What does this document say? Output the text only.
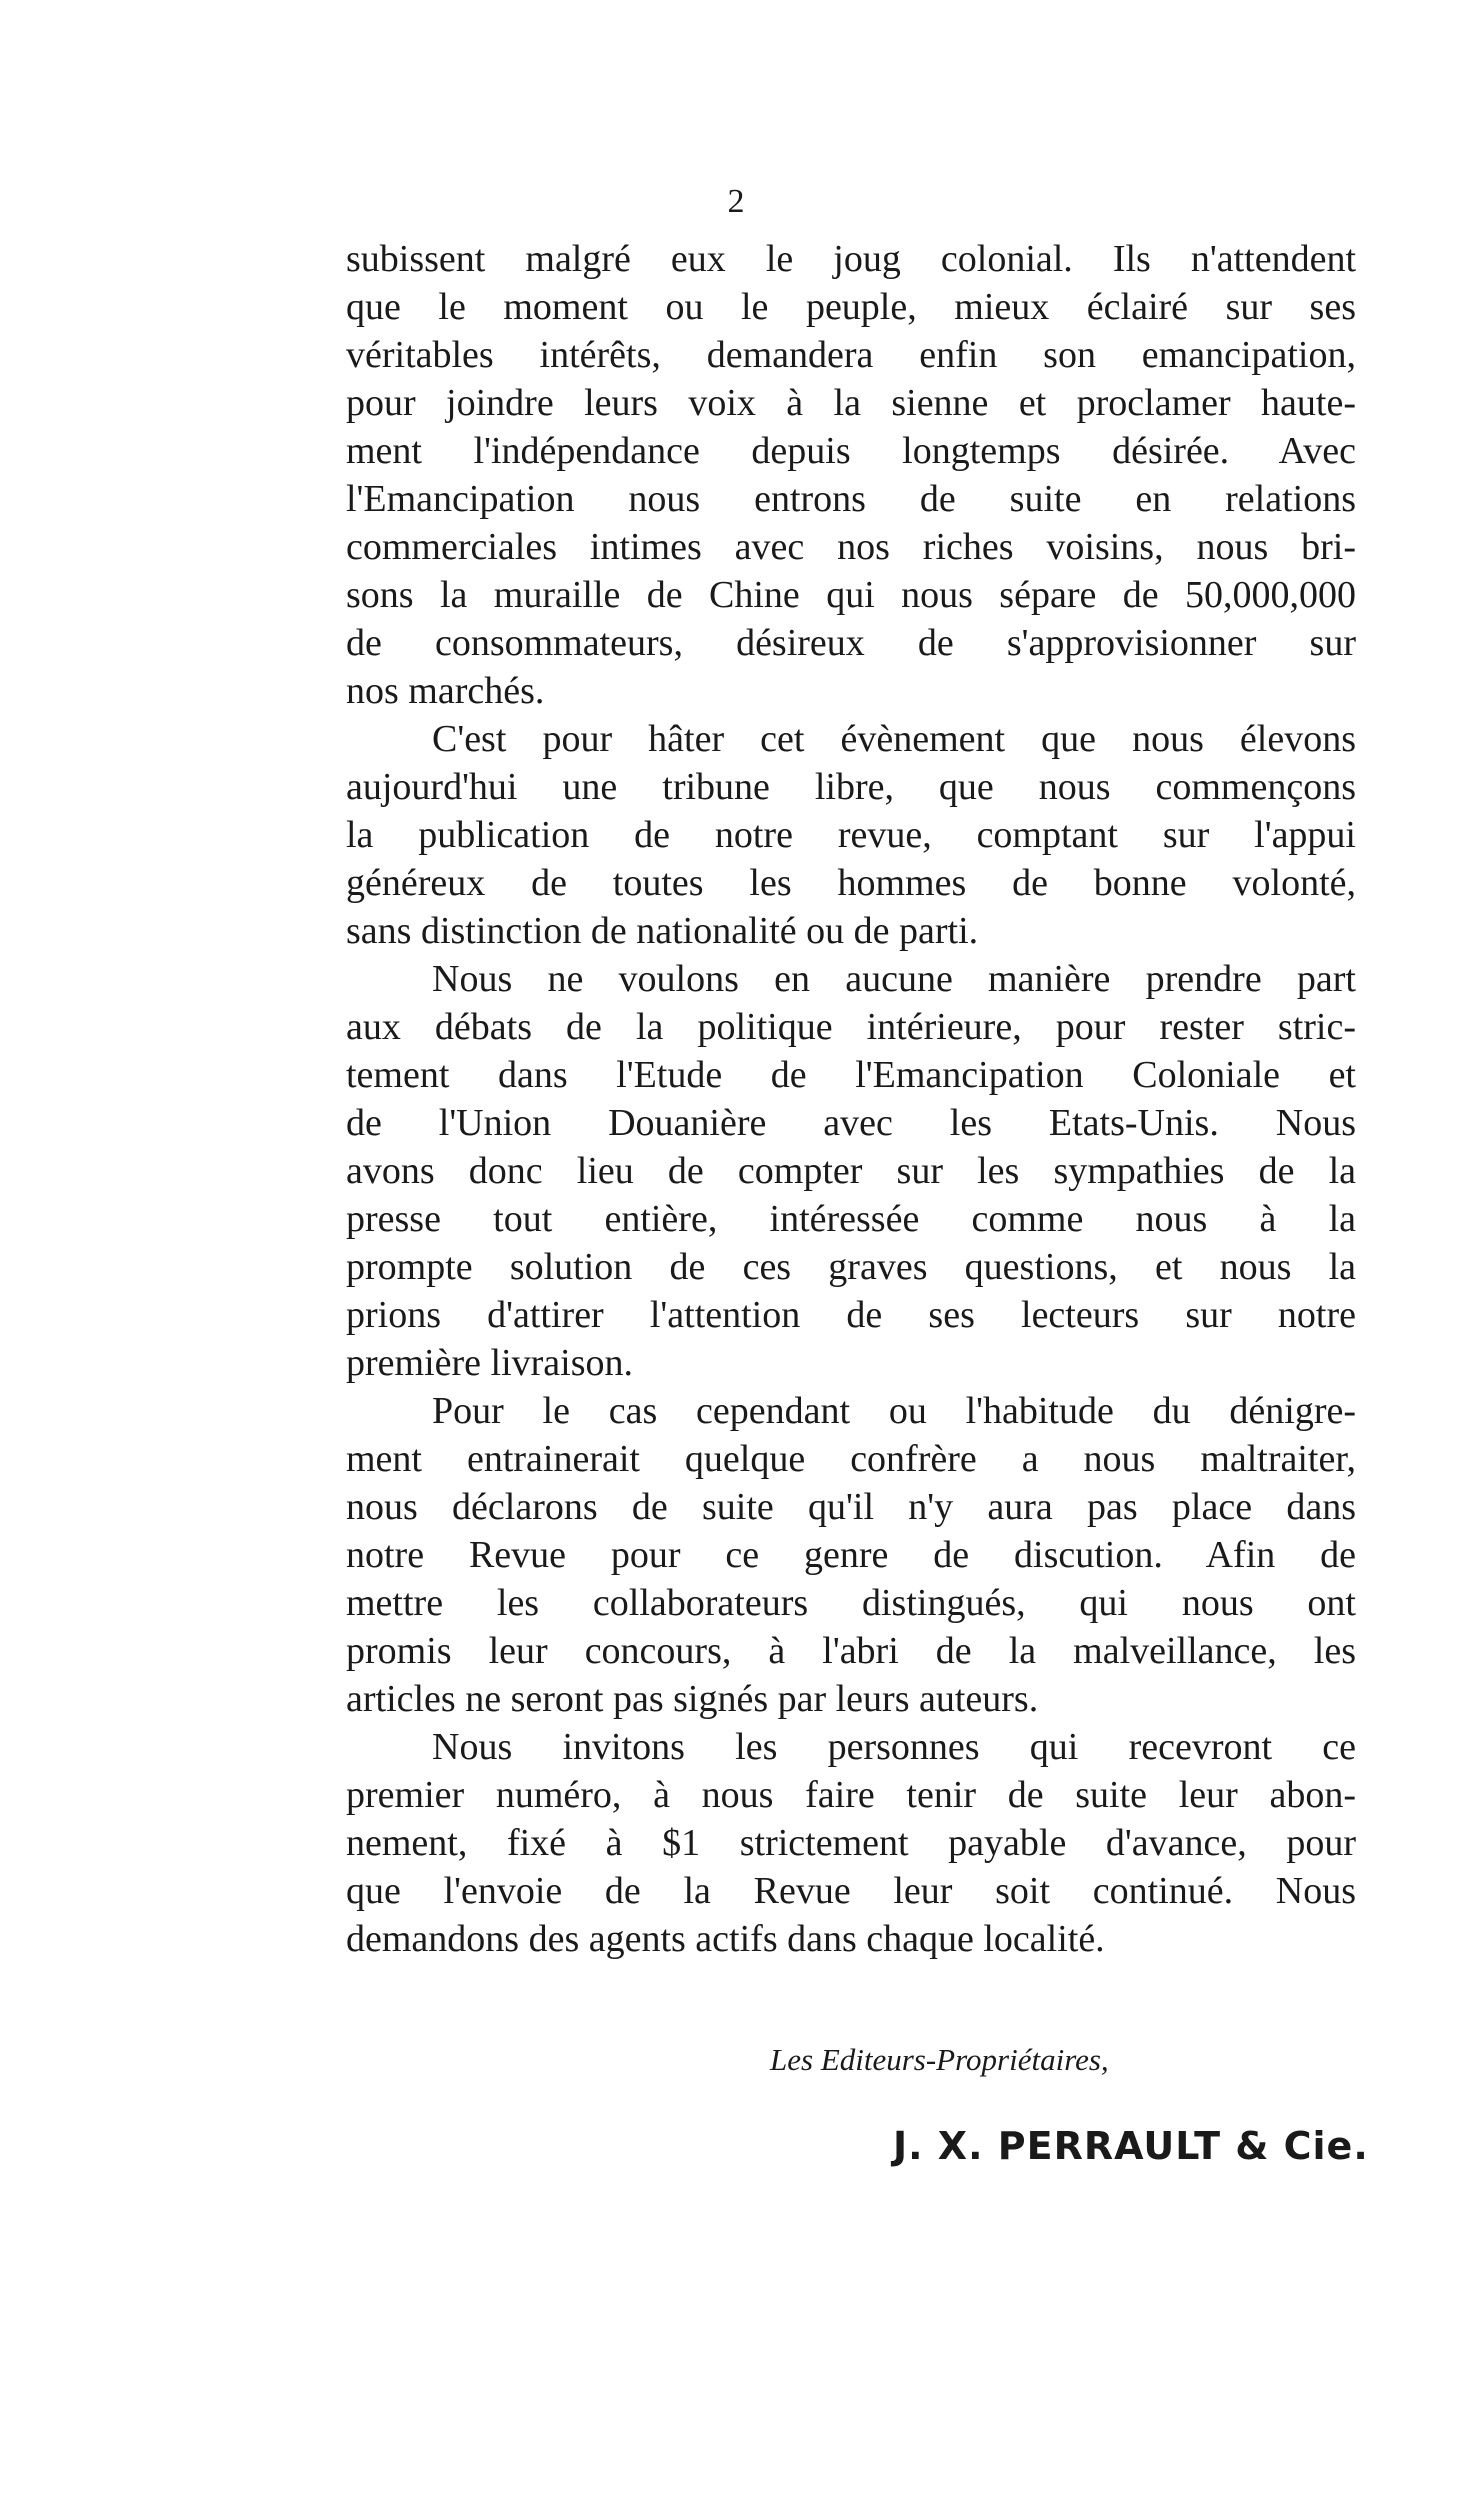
2
subissent malgré eux le joug colonial. Ils n'attendent
que le moment ou le peuple, mieux éclairé sur ses
véritables intérêts, demandera enfin son emancipation,
pour joindre leurs voix à la sienne et proclamer haute-
ment l'indépendance depuis longtemps désirée. Avec
l'Emancipation nous entrons de suite en relations
commerciales intimes avec nos riches voisins, nous bri-
sons la muraille de Chine qui nous sépare de 50,000,000
de consommateurs, désireux de s'approvisionner sur
nos marchés.
C'est pour hâter cet évènement que nous élevons
aujourd'hui une tribune libre, que nous commençons
la publication de notre revue, comptant sur l'appui
généreux de toutes les hommes de bonne volonté,
sans distinction de nationalité ou de parti.
Nous ne voulons en aucune manière prendre part
aux débats de la politique intérieure, pour rester stric-
tement dans l'Etude de l'Emancipation Coloniale et
de l'Union Douanière avec les Etats-Unis. Nous
avons donc lieu de compter sur les sympathies de la
presse tout entière, intéressée comme nous à la
prompte solution de ces graves questions, et nous la
prions d'attirer l'attention de ses lecteurs sur notre
première livraison.
Pour le cas cependant ou l'habitude du dénigre-
ment entrainerait quelque confrère a nous maltraiter,
nous déclarons de suite qu'il n'y aura pas place dans
notre Revue pour ce genre de discution. Afin de
mettre les collaborateurs distingués, qui nous ont
promis leur concours, à l'abri de la malveillance, les
articles ne seront pas signés par leurs auteurs.
Nous invitons les personnes qui recevront ce
premier numéro, à nous faire tenir de suite leur abon-
nement, fixé à $1 strictement payable d'avance, pour
que l'envoie de la Revue leur soit continué. Nous
demandons des agents actifs dans chaque localité.
Les Editeurs-Propriétaires,
J. X. PERRAULT & Cie.
